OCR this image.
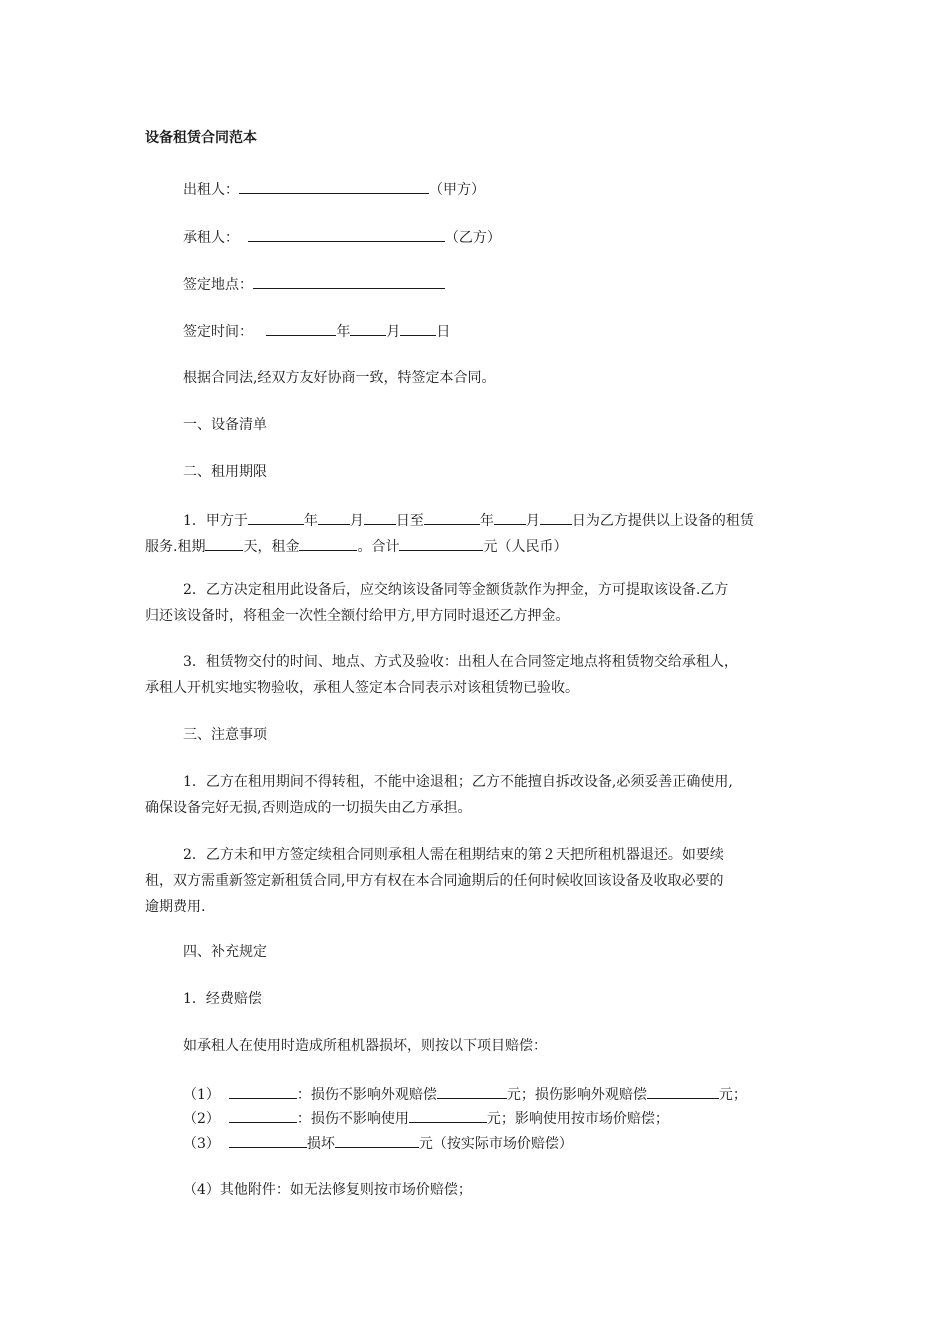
设备租赁合同范本
出租人：	（甲方）
承租人：	（乙方）
签定地点：
签定时间：	年	月	日
根据合同法,经双方友好协商一致，特签定本合同。
一、设备清单
二、租用期限
1．甲方于	年 月 日至	年 月 日为乙方提供以上设备的租赁
服务.租期	天，租金	。合计	元（人民币）
2．乙方决定租用此设备后，应交纳该设备同等金额货款作为押金，方可提取该设备.乙方
归还该设备时，将租金一次性全额付给甲方,甲方同时退还乙方押金。
3．租赁物交付的时间、地点、方式及验收：出租人在合同签定地点将租赁物交给承租人，
承租人开机实地实物验收，承租人签定本合同表示对该租赁物已验收。
三、注意事项
1．乙方在租用期间不得转租，不能中途退租；乙方不能擅自拆改设备,必须妥善正确使用,
确保设备完好无损,否则造成的一切损失由乙方承担。
2．乙方未和甲方签定续租合同则承租人需在租期结束的第２天把所租机器退还。如要续
租，双方需重新签定新租赁合同,甲方有权在本合同逾期后的任何时候收回该设备及收取必要的
逾期费用.
四、补充规定
1．经费赔偿
如承租人在使用时造成所租机器损坏，则按以下项目赔偿：
（1）	：损伤不影响外观赔偿	元；损伤影响外观赔偿	元；
（2）	：损伤不影响使用	元；影响使用按市场价赔偿；
（3）	损坏	元（按实际市场价赔偿）
（4）其他附件：如无法修复则按市场价赔偿；
